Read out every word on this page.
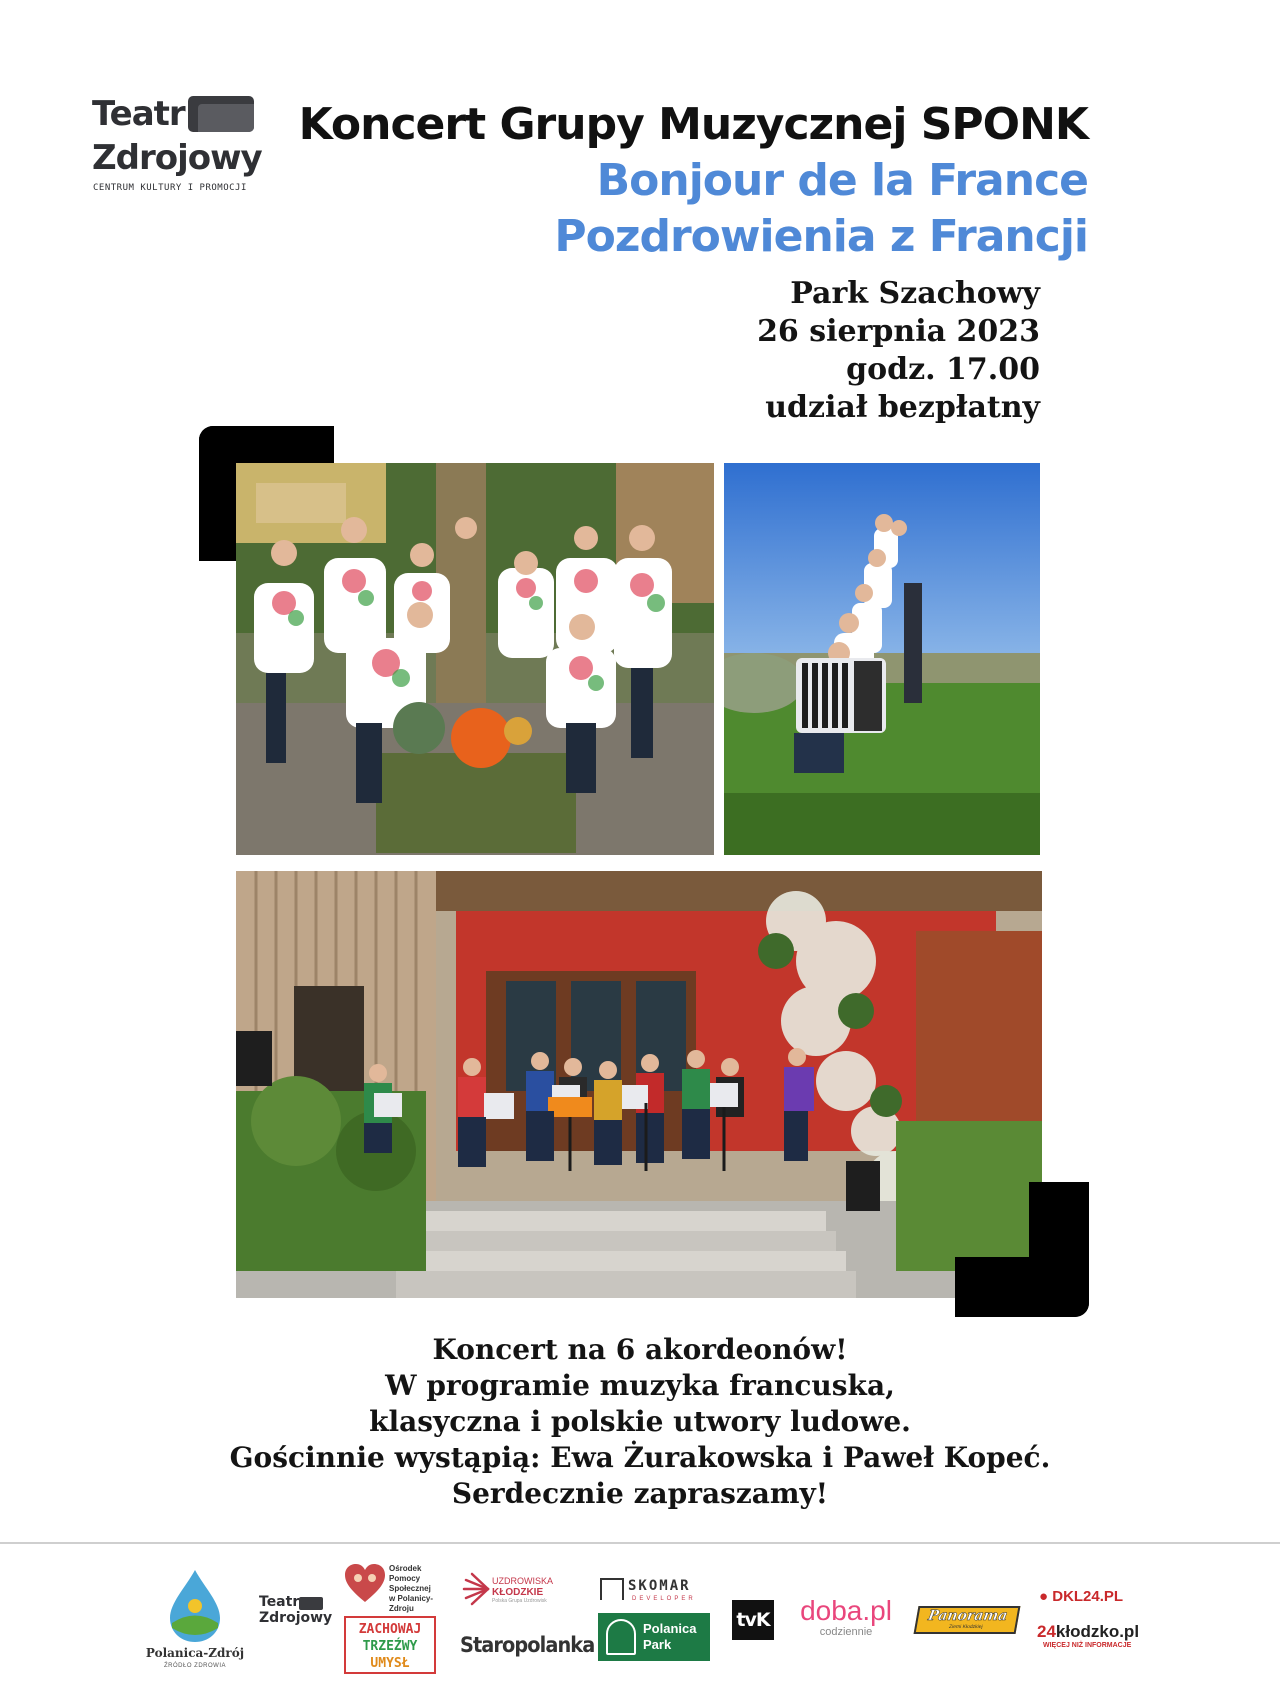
Teatr
Zdrojowy
CENTRUM KULTURY I PROMOCJI
Koncert Grupy Muzycznej SPONK
Bonjour de la France
Pozdrowienia z Francji
Park Szachowy
26 sierpnia 2023
godz. 17.00
udział bezpłatny
Koncert na 6 akordeonów!
W programie muzyka francuska,
klasyczna i polskie utwory ludowe.
Gościnnie wystąpią: Ewa Żurakowska i Paweł Kopeć.
Serdecznie zapraszamy!
Polanica-Zdrój
ŹRÓDŁO ZDROWIA
Teatr
Zdrojowy
Ośrodek Pomocy Społecznej w Polanicy-Zdroju
ZACHOWAJ
TRZEŹWY
UMYSŁ
UZDROWISKA
KŁODZKIE
Polska Grupa Uzdrowisk
Staropolanka
SKOMAR
DEVELOPER
Polanica
Park
tvK doba.pl
codziennie
Panorama
Ziemi Kłodzkiej
● DKL24.PL
24kłodzko.pl
WIĘCEJ NIŻ INFORMACJE
